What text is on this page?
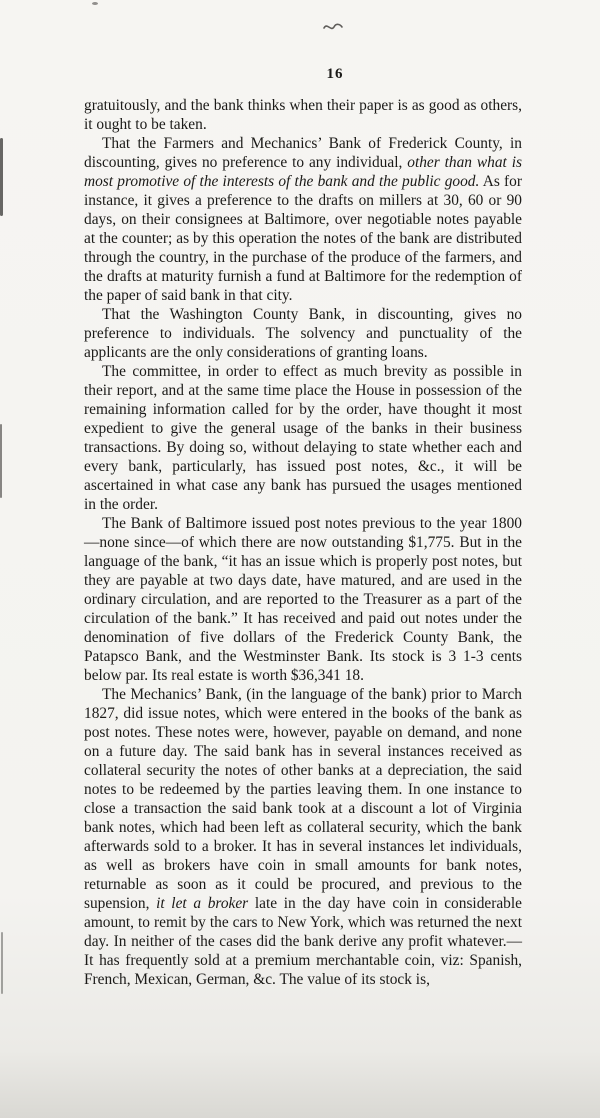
16

gratuitously, and the bank thinks when their paper is as good as others, it ought to be taken.

That the Farmers and Mechanics’ Bank of Frederick County, in discounting, gives no preference to any individual, other than what is most promotive of the interests of the bank and the public good. As for instance, it gives a preference to the drafts on millers at 30, 60 or 90 days, on their consignees at Baltimore, over negotiable notes payable at the counter; as by this operation the notes of the bank are distributed through the country, in the purchase of the produce of the farmers, and the drafts at maturity furnish a fund at Baltimore for the redemption of the paper of said bank in that city.

That the Washington County Bank, in discounting, gives no preference to individuals. The solvency and punctuality of the applicants are the only considerations of granting loans.

The committee, in order to effect as much brevity as possible in their report, and at the same time place the House in possession of the remaining information called for by the order, have thought it most expedient to give the general usage of the banks in their business transactions. By doing so, without delaying to state whether each and every bank, particularly, has issued post notes, &c., it will be ascertained in what case any bank has pursued the usages mentioned in the order.

The Bank of Baltimore issued post notes previous to the year 1800—none since—of which there are now outstanding $1,775. But in the language of the bank, “it has an issue which is properly post notes, but they are payable at two days date, have matured, and are used in the ordinary circulation, and are reported to the Treasurer as a part of the circulation of the bank.” It has received and paid out notes under the denomination of five dollars of the Frederick County Bank, the Patapsco Bank, and the Westminster Bank. Its stock is 3 1-3 cents below par. Its real estate is worth $36,341 18.

The Mechanics’ Bank, (in the language of the bank) prior to March 1827, did issue notes, which were entered in the books of the bank as post notes. These notes were, however, payable on demand, and none on a future day. The said bank has in several instances received as collateral security the notes of other banks at a depreciation, the said notes to be redeemed by the parties leaving them. In one instance to close a transaction the said bank took at a discount a lot of Virginia bank notes, which had been left as collateral security, which the bank afterwards sold to a broker. It has in several instances let individuals, as well as brokers have coin in small amounts for bank notes, returnable as soon as it could be procured, and previous to the supension, it let a broker late in the day have coin in considerable amount, to remit by the cars to New York, which was returned the next day. In neither of the cases did the bank derive any profit whatever.— It has frequently sold at a premium merchantable coin, viz: Spanish, French, Mexican, German, &c. The value of its stock is,
